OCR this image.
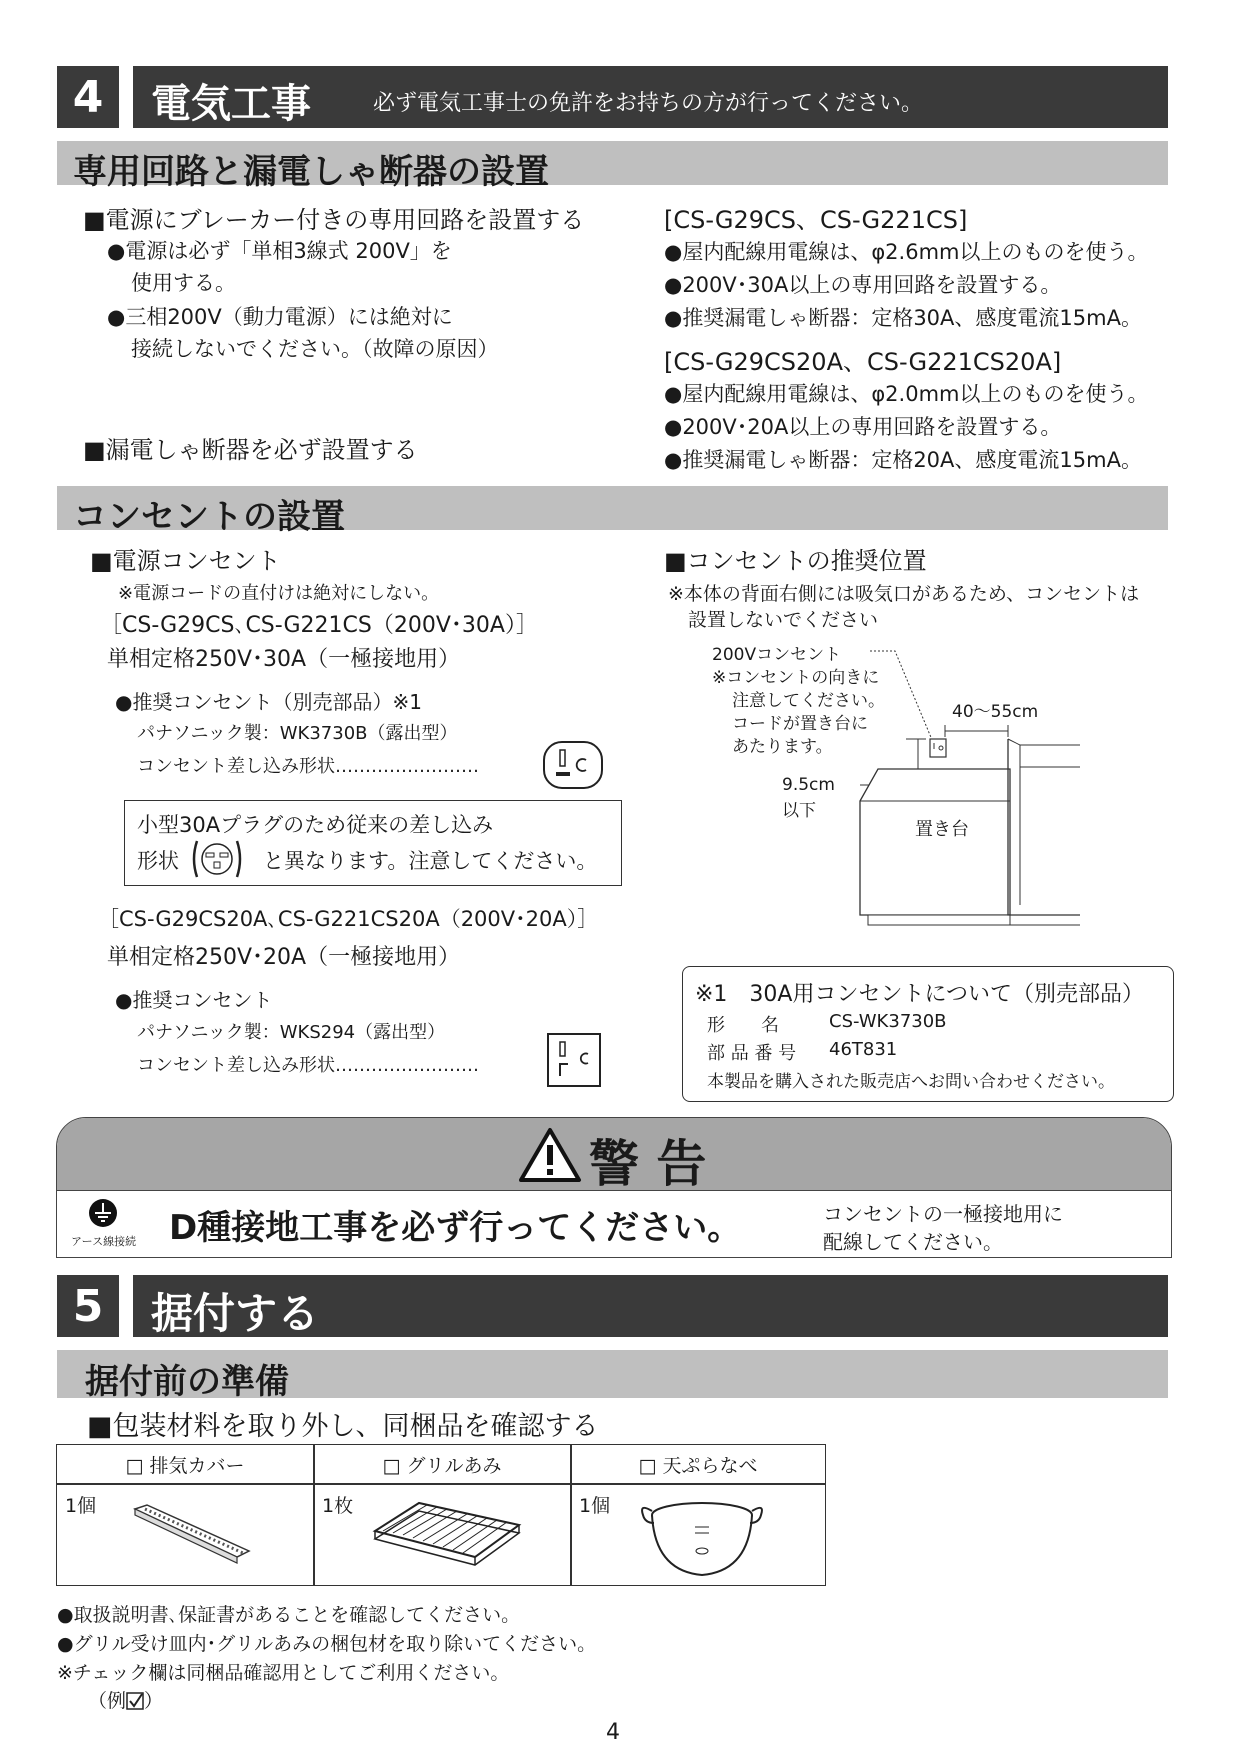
4	電気工事	必ず電気工事士の免許をお持ちの方が行ってください。
専用回路と漏電しゃ断器の設置
■電源にブレーカー付きの専用回路を設置する
●電源は必ず「単相3線式 200V」を
使用する。
●三相200V（動力電源）には絶対に
接続しないでください。（故障の原因）
■漏電しゃ断器を必ず設置する
[CS-G29CS、CS-G221CS]
●屋内配線用電線は、φ2.6mm以上のものを使う。
●200V･30A以上の専用回路を設置する。
●推奨漏電しゃ断器：定格30A、感度電流15mA。
[CS-G29CS20A、CS-G221CS20A]
●屋内配線用電線は、φ2.0mm以上のものを使う。
●200V･20A以上の専用回路を設置する。
●推奨漏電しゃ断器：定格20A、感度電流15mA。
コンセントの設置
■電源コンセント
※電源コードの直付けは絶対にしない。
［CS-G29CS､CS-G221CS（200V･30A）］
単相定格250V･30A（一極接地用）
●推奨コンセント（別売部品）※1
パナソニック製：WK3730B（露出型）
コンセント差し込み形状……………………
小型30Aプラグのため従来の差し込み
形状	と異なります。注意してください。
［CS-G29CS20A､CS-G221CS20A（200V･20A）］
単相定格250V･20A（一極接地用）
●推奨コンセント
パナソニック製：WKS294（露出型）
コンセント差し込み形状……………………
■コンセントの推奨位置
※本体の背面右側には吸気口があるため、コンセントは
設置しないでください
200Vコンセント
※コンセントの向きに
注意してください。
コードが置き台に
あたります。
40〜55cm
9.5cm
以下
置き台
※1　30A用コンセントについて（別売部品）
形　　名	CS-WK3730B
部 品 番 号 46T831
本製品を購入された販売店へお問い合わせください。
警 告
アース線接続 D種接地工事を必ず行ってください。	コンセントの一極接地用に
配線してください。
5	据付する
据付前の準備
■包装材料を取り外し、同梱品を確認する
□ 排気カバー	□ グリルあみ	□ 天ぷらなべ
1個	1枚	1個
●取扱説明書､保証書があることを確認してください。
●グリル受け皿内･グリルあみの梱包材を取り除いてください。
※チェック欄は同梱品確認用としてご利用ください。
（例 ）
4
